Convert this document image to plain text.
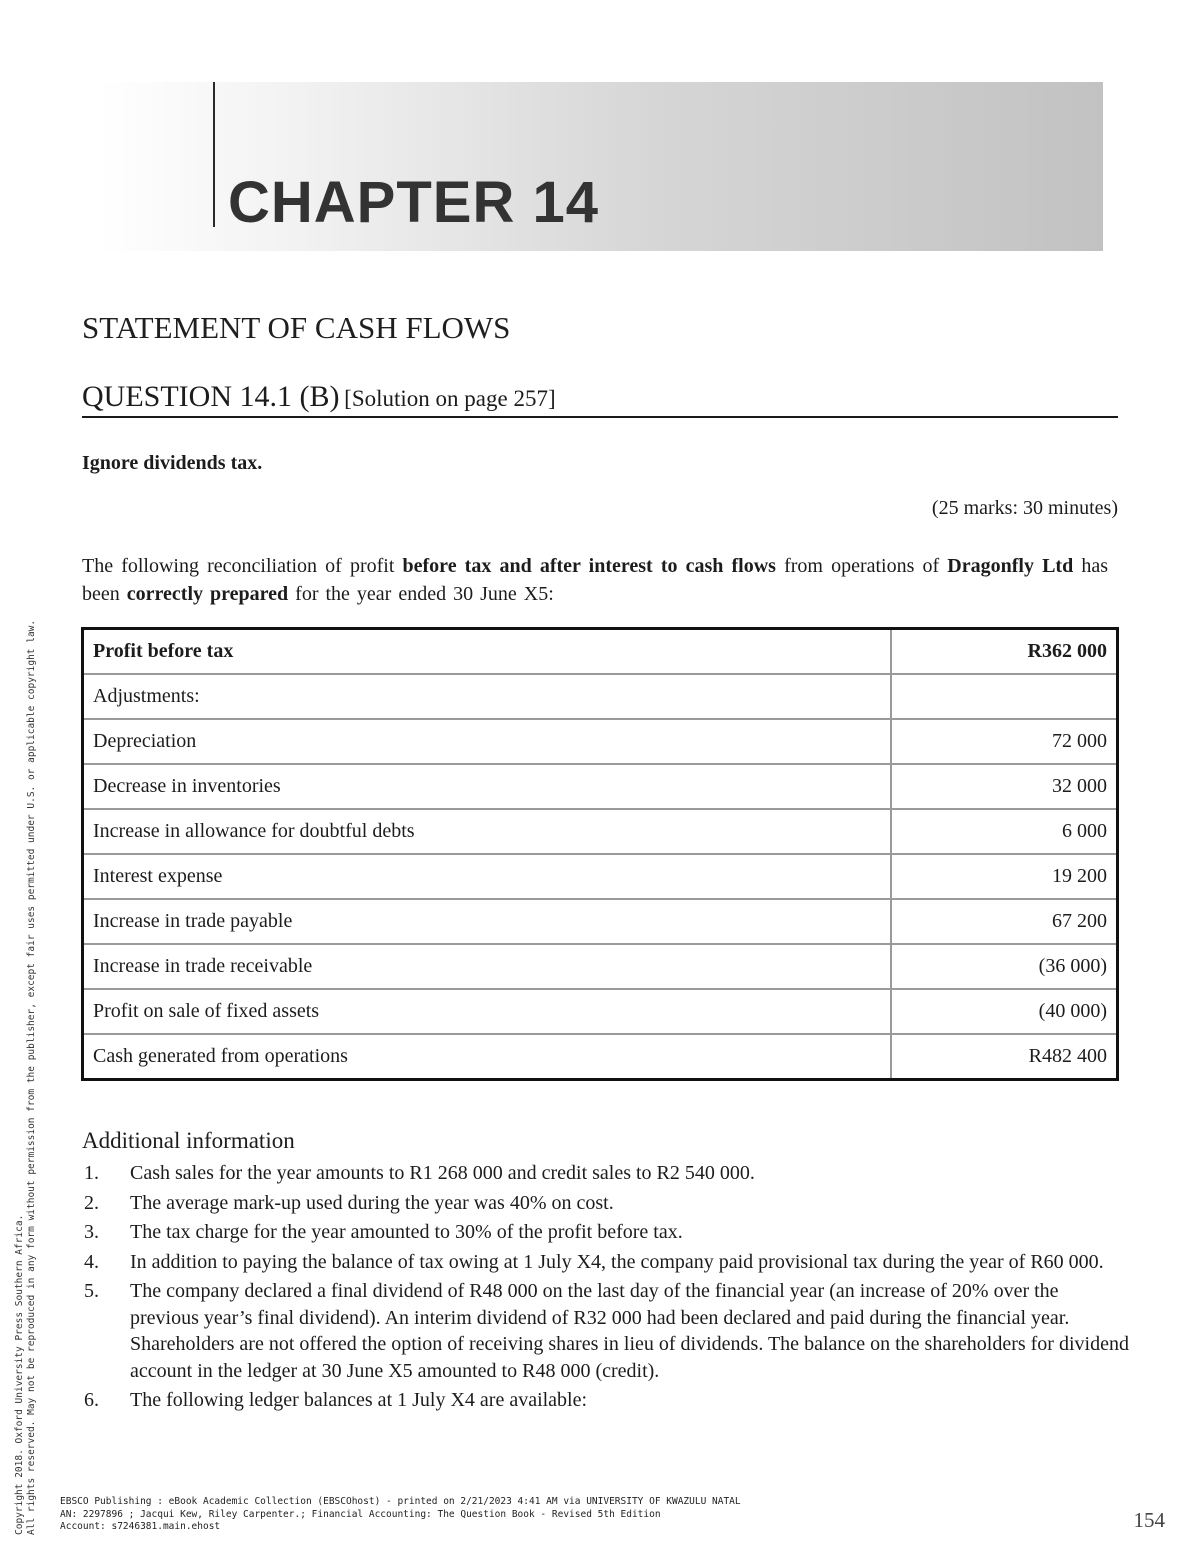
CHAPTER 14
STATEMENT OF CASH FLOWS
QUESTION 14.1 (B) [Solution on page 257]

Ignore dividends tax.

(25 marks: 30 minutes)

The following reconciliation of profit before tax and after interest to cash flows from operations of Dragonfly Ltd has been correctly prepared for the year ended 30 June X5:

Profit before tax	R362 000
Adjustments:	
Depreciation	72 000
Decrease in inventories	32 000
Increase in allowance for doubtful debts	6 000
Interest expense	19 200
Increase in trade payable	67 200
Increase in trade receivable	(36 000)
Profit on sale of fixed assets	(40 000)
Cash generated from operations	R482 400
Additional information
1. Cash sales for the year amounts to R1 268 000 and credit sales to R2 540 000.
2. The average mark-up used during the year was 40% on cost.
3. The tax charge for the year amounted to 30% of the profit before tax.
4. In addition to paying the balance of tax owing at 1 July X4, the company paid provisional tax during the year of R60 000.
5. The company declared a final dividend of R48 000 on the last day of the financial year (an increase of 20% over the previous year’s final dividend). An interim dividend of R32 000 had been declared and paid during the financial year. Shareholders are not offered the option of receiving shares in lieu of dividends. The balance on the shareholders for dividend account in the ledger at 30 June X5 amounted to R48 000 (credit).
6. The following ledger balances at 1 July X4 are available:
Copyright 2018. Oxford University Press Southern Africa. All rights reserved. May not be reproduced in any form without permission from the publisher, except fair uses permitted under U.S. or applicable copyright law. EBSCO Publishing : eBook Academic Collection (EBSCOhost) - printed on 2/21/2023 4:41 AM via UNIVERSITY OF KWAZULU NATAL
AN: 2297896 ; Jacqui Kew, Riley Carpenter.; Financial Accounting: The Question Book - Revised 5th Edition
Account: s7246381.main.ehost	154
